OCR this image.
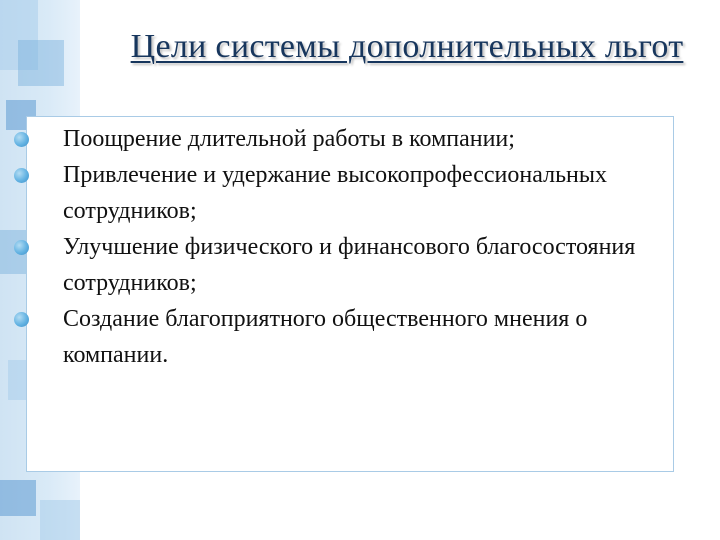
Цели системы дополнительных льгот
Поощрение длительной работы в компании;
Привлечение и удержание высокопрофессиональных сотрудников;
Улучшение физического и финансового благосостояния сотрудников;
Создание благоприятного общественного мнения о компании.
